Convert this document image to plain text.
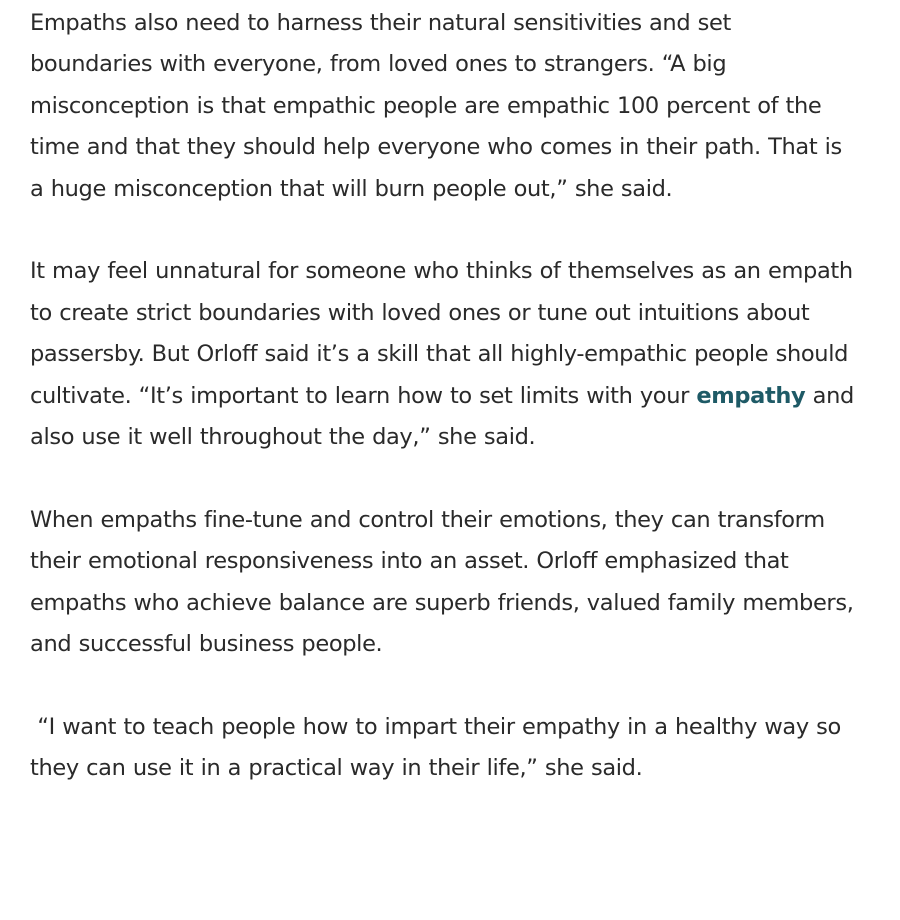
Empaths also need to harness their natural sensitivities and set boundaries with everyone, from loved ones to strangers. “A big misconception is that empathic people are empathic 100 percent of the time and that they should help everyone who comes in their path. That is a huge misconception that will burn people out,” she said.

It may feel unnatural for someone who thinks of themselves as an empath to create strict boundaries with loved ones or tune out intuitions about passersby. But Orloff said it’s a skill that all highly-empathic people should cultivate. “It’s important to learn how to set limits with your empathy and also use it well throughout the day,” she said.

When empaths fine-tune and control their emotions, they can transform their emotional responsiveness into an asset. Orloff emphasized that empaths who achieve balance are superb friends, valued family members, and successful business people.

“I want to teach people how to impart their empathy in a healthy way so they can use it in a practical way in their life,” she said.
